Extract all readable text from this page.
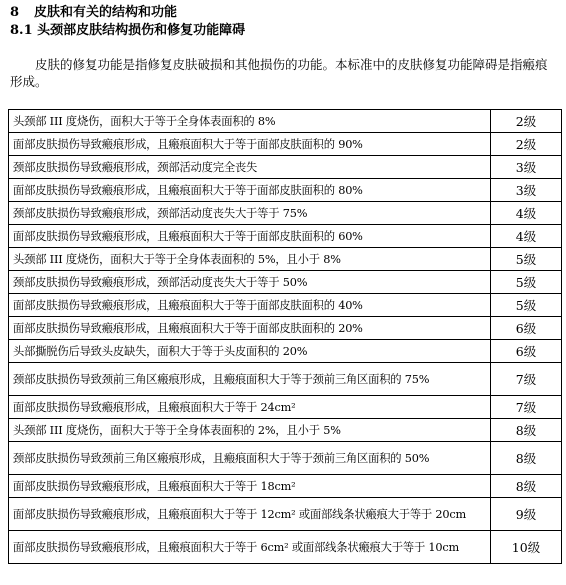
8 皮肤和有关的结构和功能
8.1 头颈部皮肤结构损伤和修复功能障碍
皮肤的修复功能是指修复皮肤破损和其他损伤的功能。本标准中的皮肤修复功能障碍是指瘢痕形成。
头颈部 III 度烧伤，面积大于等于全身体表面积的 8%	2级
面部皮肤损伤导致瘢痕形成，且瘢痕面积大于等于面部皮肤面积的 90%	2级
颈部皮肤损伤导致瘢痕形成，颈部活动度完全丧失	3级
面部皮肤损伤导致瘢痕形成，且瘢痕面积大于等于面部皮肤面积的 80%	3级
颈部皮肤损伤导致瘢痕形成，颈部活动度丧失大于等于 75%	4级
面部皮肤损伤导致瘢痕形成，且瘢痕面积大于等于面部皮肤面积的 60%	4级
头颈部 III 度烧伤，面积大于等于全身体表面积的 5%，且小于 8%	5级
颈部皮肤损伤导致瘢痕形成，颈部活动度丧失大于等于 50%	5级
面部皮肤损伤导致瘢痕形成，且瘢痕面积大于等于面部皮肤面积的 40%	5级
面部皮肤损伤导致瘢痕形成，且瘢痕面积大于等于面部皮肤面积的 20%	6级
头部撕脱伤后导致头皮缺失，面积大于等于头皮面积的 20%	6级
颈部皮肤损伤导致颈前三角区瘢痕形成，且瘢痕面积大于等于颈前三角区面积的 75%	7级
面部皮肤损伤导致瘢痕形成，且瘢痕面积大于等于 24cm²	7级
头颈部 III 度烧伤，面积大于等于全身体表面积的 2%，且小于 5%	8级
颈部皮肤损伤导致颈前三角区瘢痕形成，且瘢痕面积大于等于颈前三角区面积的 50%	8级
面部皮肤损伤导致瘢痕形成，且瘢痕面积大于等于 18cm²	8级
面部皮肤损伤导致瘢痕形成，且瘢痕面积大于等于 12cm² 或面部线条状瘢痕大于等于 20cm	9级
面部皮肤损伤导致瘢痕形成，且瘢痕面积大于等于 6cm² 或面部线条状瘢痕大于等于 10cm	10级
